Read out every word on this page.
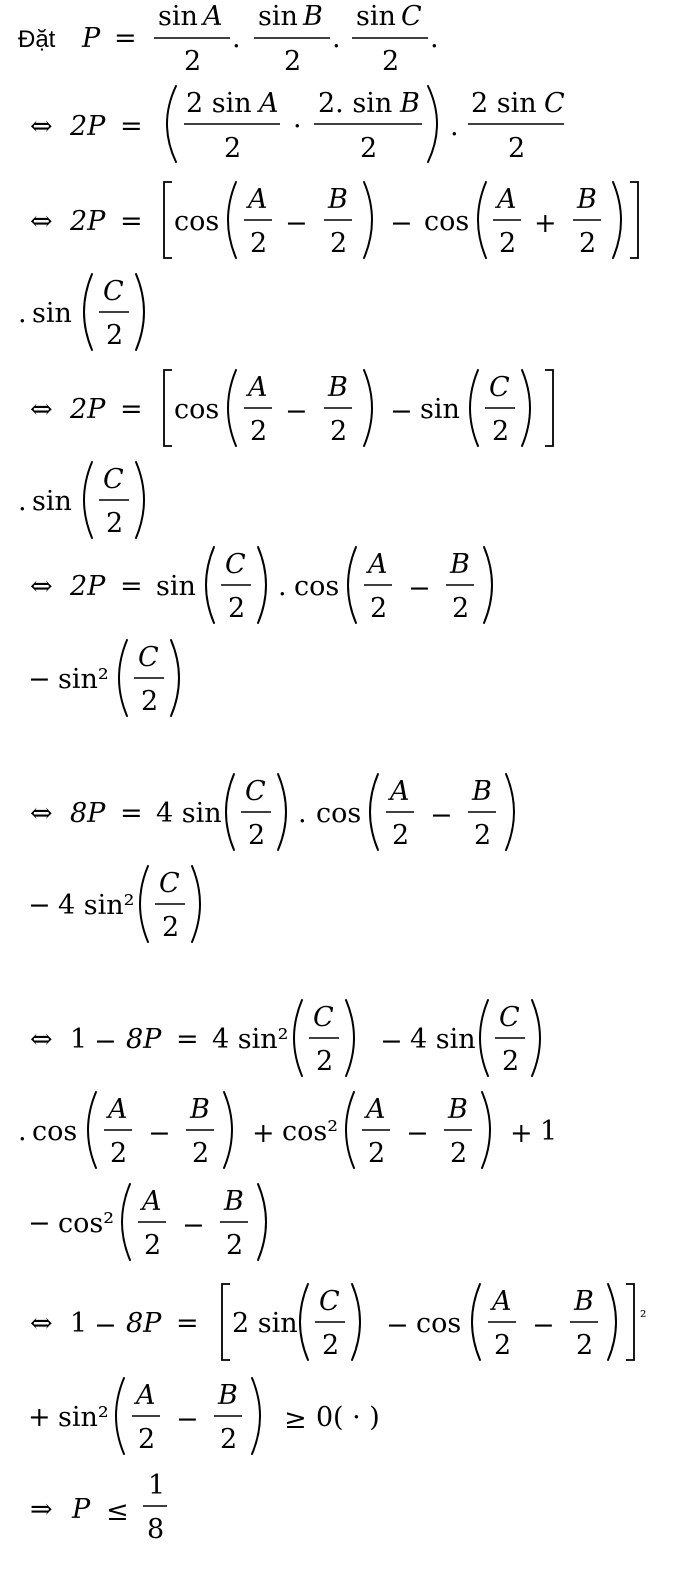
Đặt P =
sin A
2
.
sin B
2
.
sin C
2
.
⇔ 2P =
2 sin A
2
·
2. sin B
2
.
2 sin C
2
⇔ 2P = cos
A
2
−
B
2
− cos
A
2
+
B
2
. sin
C
2
⇔ 2P = cos
A
2
−
B
2
− sin
C
2
. sin
C
2
⇔ 2P = sin
C
2
. cos
A
2
−
B
2
− sin²
C
2
⇔ 8P = 4 sin
C
2
. cos
A
2
−
B
2
− 4 sin²
C
2
⇔ 1 − 8P = 4 sin²
C
2
− 4 sin
C
2
. cos
A
2
−
B
2
+ cos²
A
2
−
B
2
+ 1
− cos²
A
2
−
B
2
⇔ 1 − 8P = 2 sin
C
2
− cos
A
2
−
B
2
²
+ sin²
A
2
−
B
2
≥ 0 ( · )
⇒ P ≤
1
8
